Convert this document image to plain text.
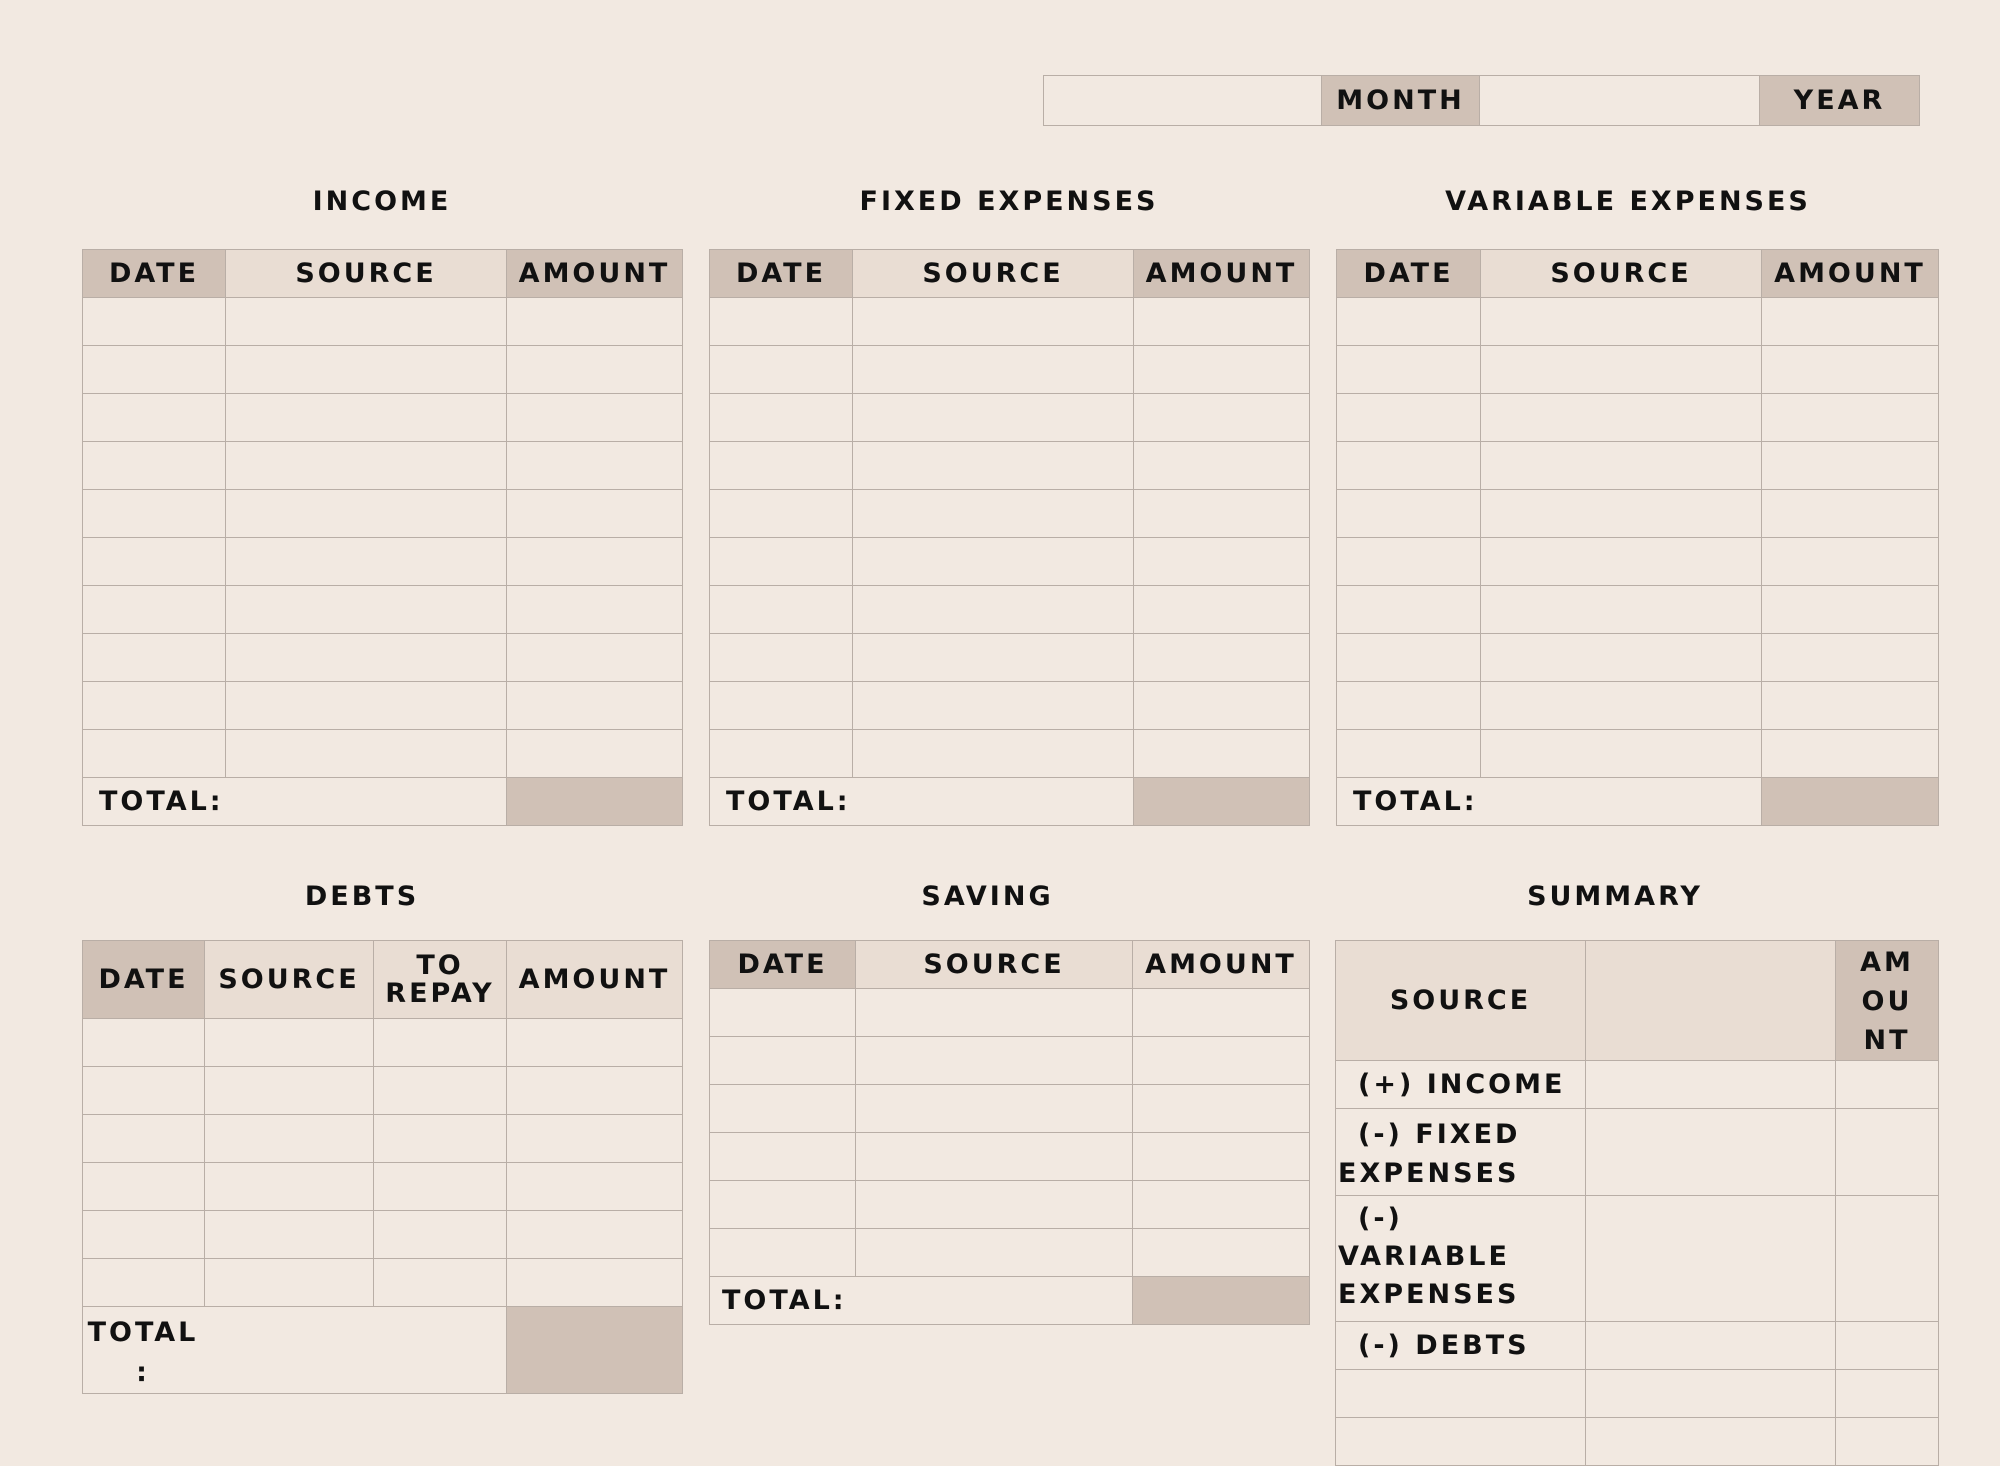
	MONTH		YEAR
INCOME	FIXED EXPENSES	VARIABLE EXPENSES
DATE	SOURCE	AMOUNT

TOTAL:		
DATE	SOURCE	AMOUNT

TOTAL:		
DATE	SOURCE	AMOUNT

TOTAL:		
DEBTS	SAVING	SUMMARY
DATE	SOURCE	TO REPAY	AMOUNT

TOTAL :			

DATE	SOURCE	AMOUNT

TOTAL:		
SOURCE		AMOUNT

(+) INCOME		

(-) FIXED EXPENSES		

(-) VARIABLE EXPENSES		

(-) DEBTS		
